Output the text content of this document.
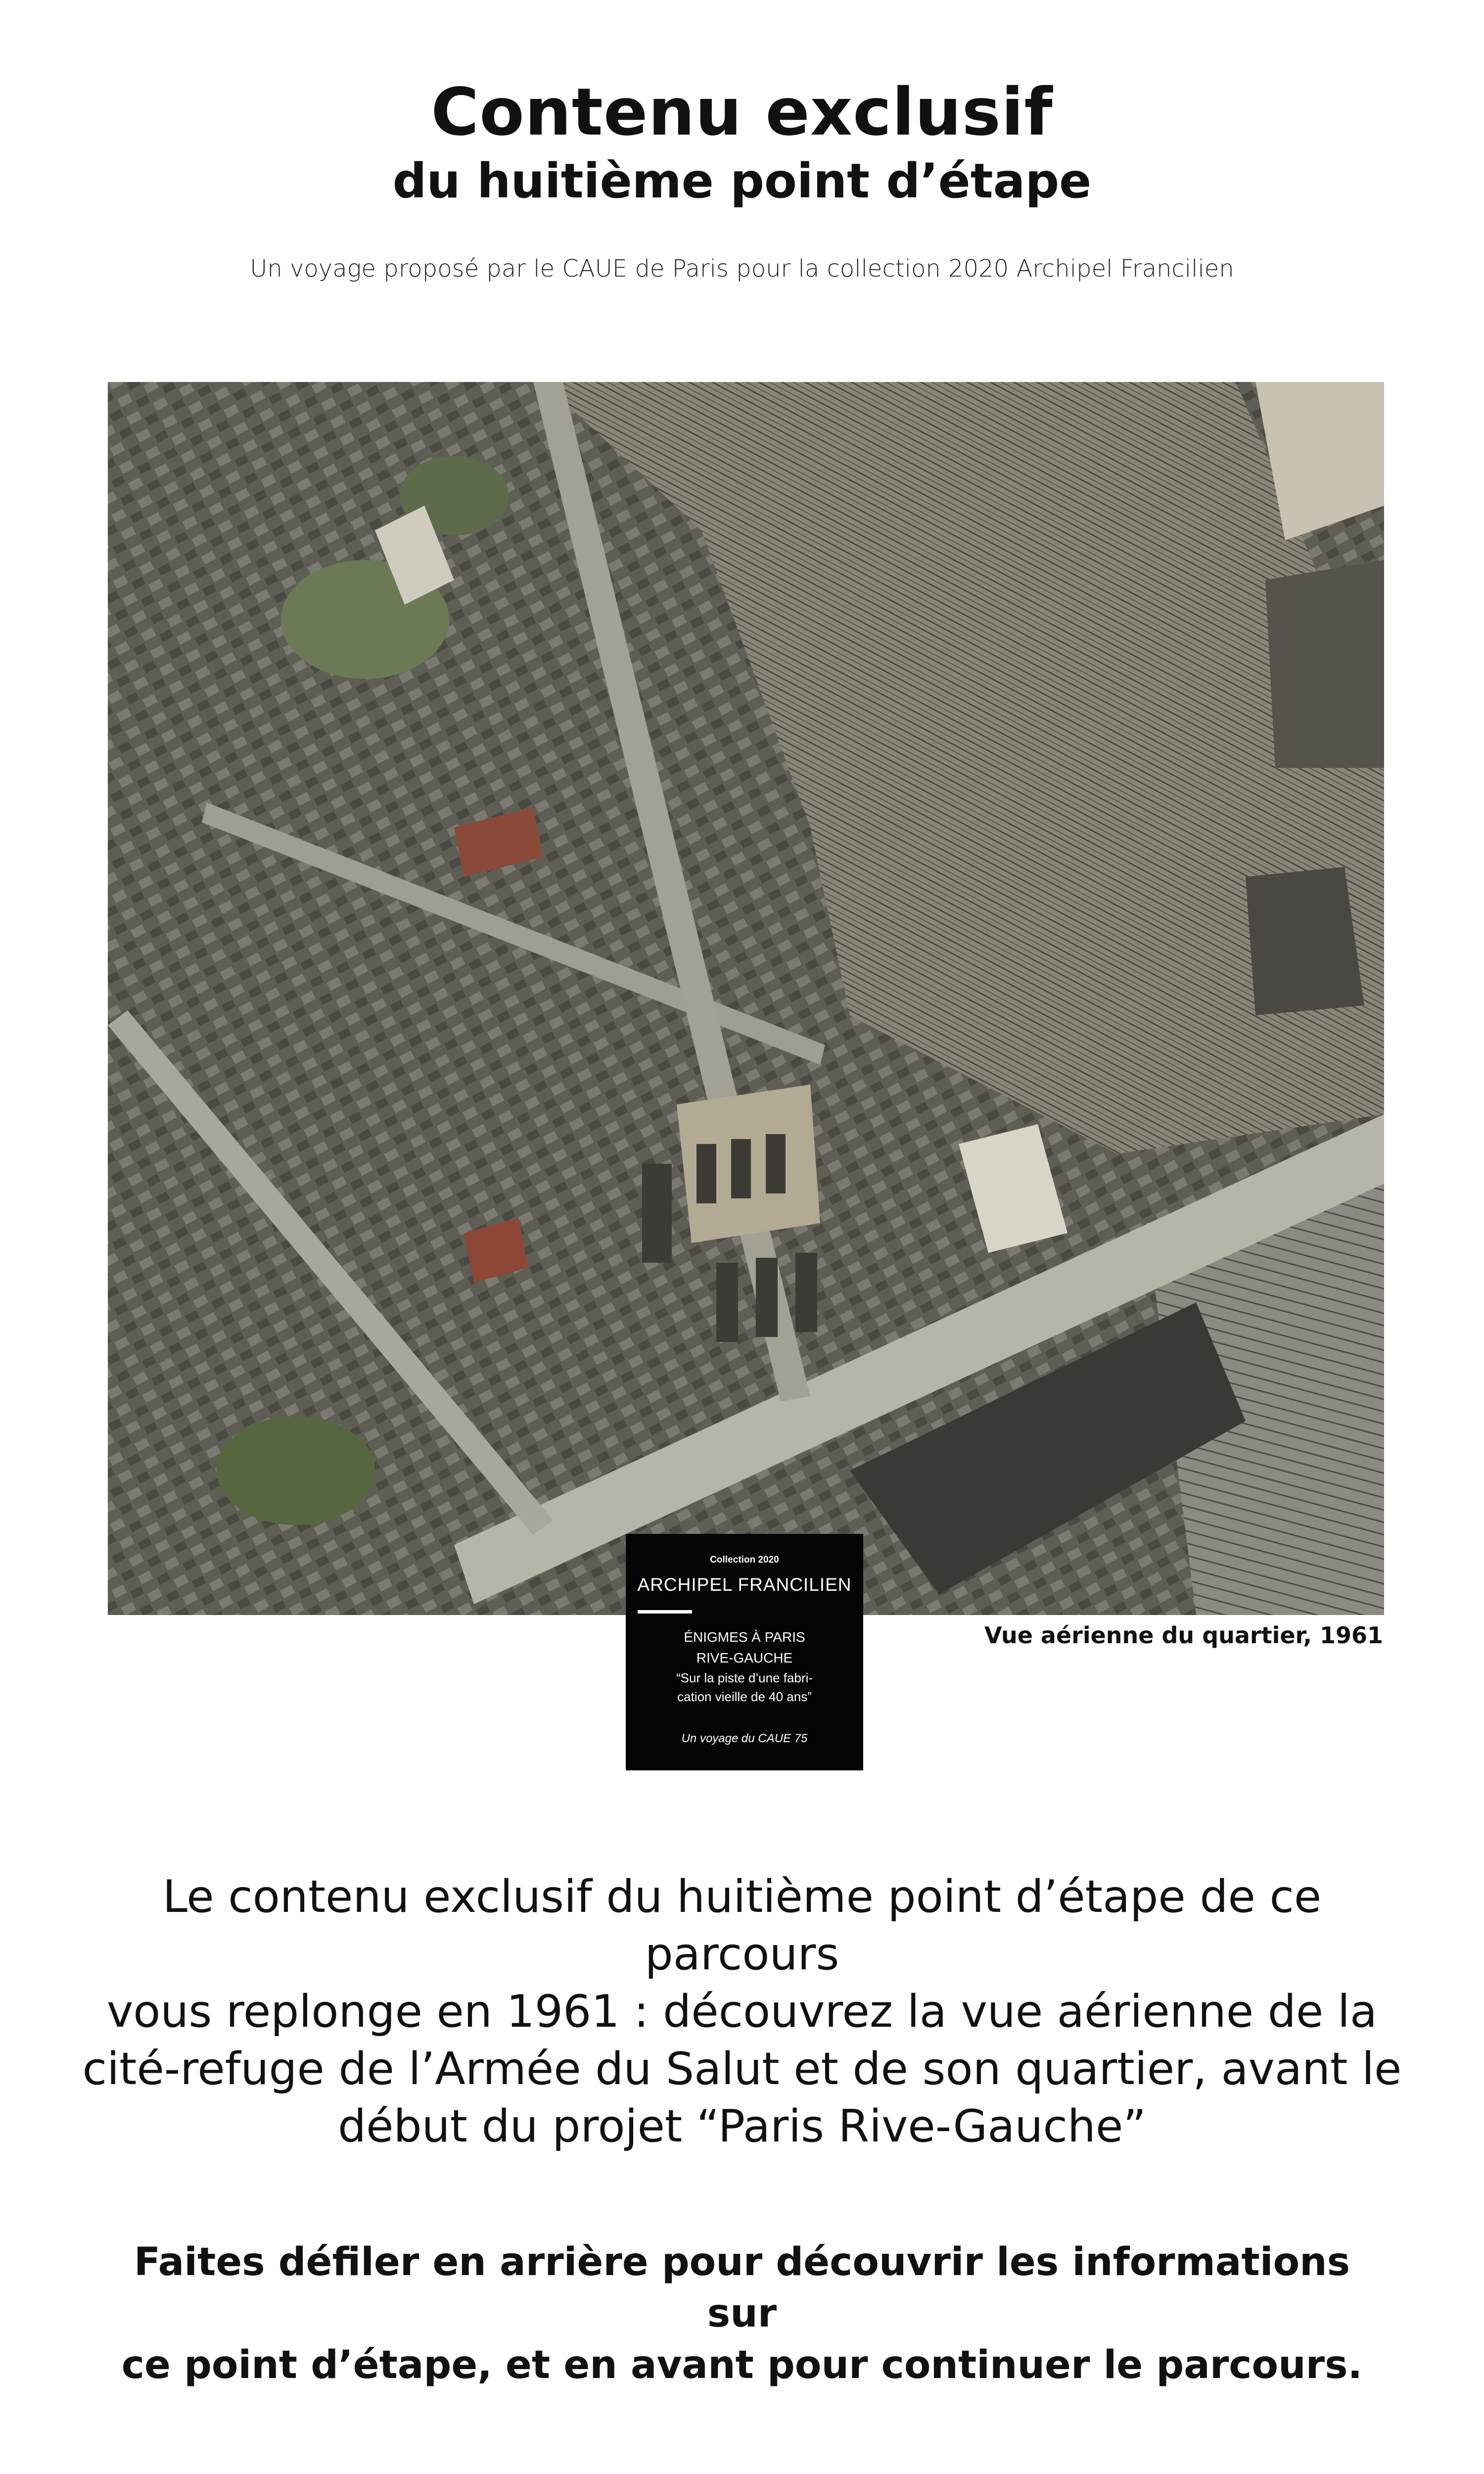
Contenu exclusif
du huitième point d’étape
Un voyage proposé par le CAUE de Paris pour la collection 2020 Archipel Francilien
Vue aérienne du quartier, 1961
Collection 2020
ARCHIPEL FRANCILIEN
ÉNIGMES À PARIS
RIVE-GAUCHE
“Sur la piste d’une fabri-
cation vieille de 40 ans”
Un voyage du CAUE 75
Le contenu exclusif du huitième point d’étape de ce parcours
vous replonge en 1961 : découvrez la vue aérienne de la
cité-refuge de l’Armée du Salut et de son quartier, avant le
début du projet “Paris Rive-Gauche”
Faites défiler en arrière pour découvrir les informations sur
ce point d’étape, et en avant pour continuer le parcours.
